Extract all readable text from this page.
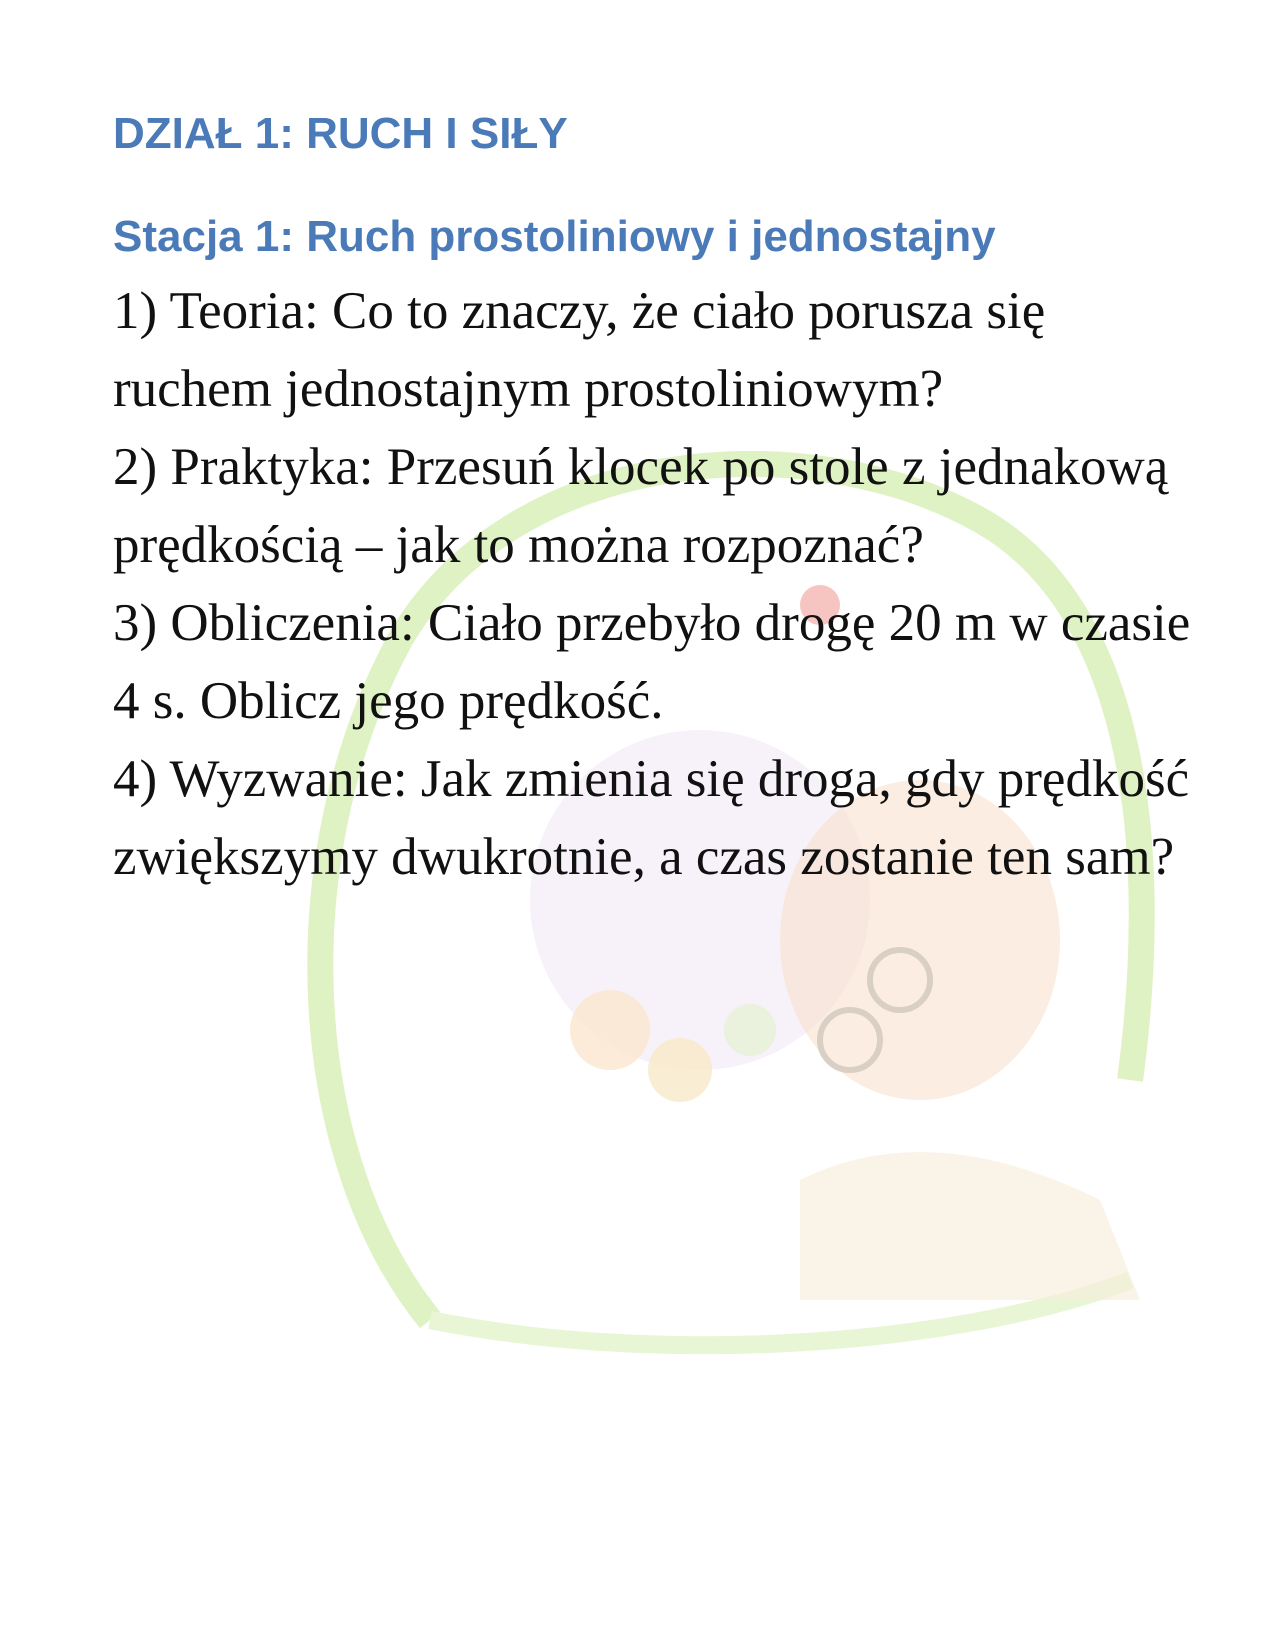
DZIAŁ 1: RUCH I SIŁY
Stacja 1: Ruch prostoliniowy i jednostajny

1) Teoria: Co to znaczy, że ciało porusza się ruchem jednostajnym prostoliniowym?

2) Praktyka: Przesuń klocek po stole z jednakową prędkością – jak to można rozpoznać?

3) Obliczenia: Ciało przebyło drogę 20 m w czasie 4 s. Oblicz jego prędkość.

4) Wyzwanie: Jak zmienia się droga, gdy prędkość zwiększymy dwukrotnie, a czas zostanie ten sam?
